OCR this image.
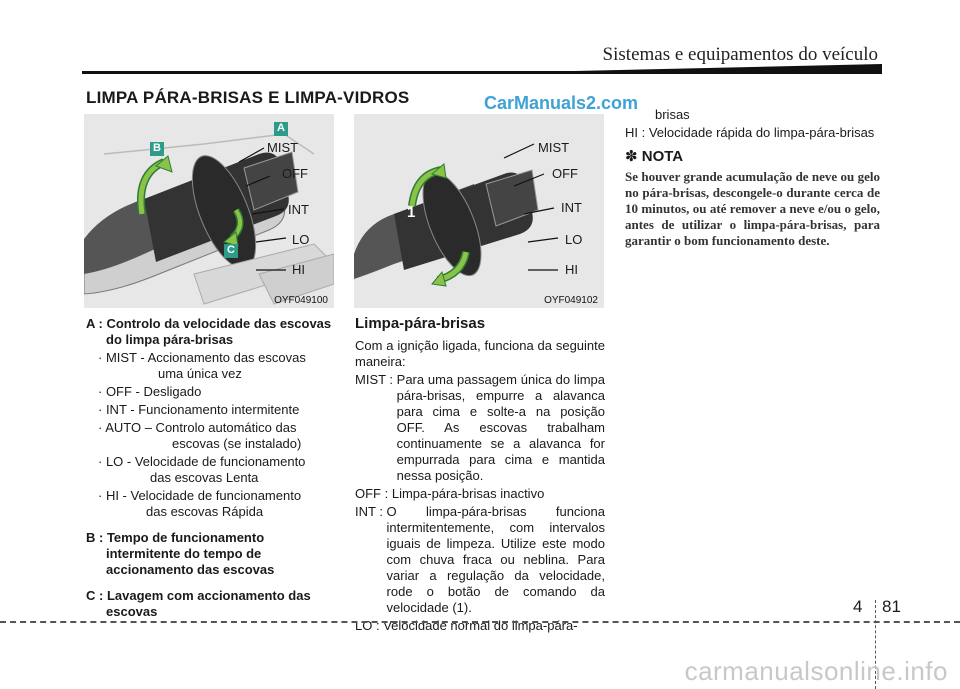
Sistemas e equipamentos do veículo
LIMPA PÁRA-BRISAS E LIMPA-VIDROS	CarManuals2.com
A
B
C
MIST
OFF
INT
LO
HI
OYF049100
1
MIST
OFF
INT
LO
HI
OYF049102

A : Controlo da velocidade das escovas do limpa pára-brisas

· MIST - Accionamento das escovas
uma única vez
· OFF - Desligado
· INT - Funcionamento intermitente
· AUTO – Controlo automático das
escovas (se instalado)
· LO - Velocidade de funcionamento
das escovas Lenta
· HI - Velocidade de funcionamento
das escovas Rápida

B : Tempo de funcionamento intermitente do tempo de accionamento das escovas

C : Lavagem com accionamento das escovas

Limpa-pára-brisas

Com a ignição ligada, funciona da seguinte maneira:

MIST : Para uma passagem única do limpa pára-brisas, empurre a alavanca para cima e solte-a na posição OFF. As escovas trabalham continuamente se a alavanca for empurrada para cima e mantida nessa posição.
OFF : Limpa-pára-brisas inactivo
INT : O limpa-pára-brisas funciona intermitentemente, com intervalos iguais de limpeza. Utilize este modo com chuva fraca ou neblina. Para variar a regulação da velocidade, rode o botão de comando da velocidade (1).
LO : Velocidade normal do limpa-pára-

brisas

HI : Velocidade rápida do limpa-pára-brisas
✽ NOTA

Se houver grande acumulação de neve ou gelo no pára-brisas, descongele-o durante cerca de 10 minutos, ou até remover a neve e/ou o gelo, antes de utilizar o limpa-pára-brisas, para garantir o bom funcionamento deste.

4 81
carmanualsonline.info
